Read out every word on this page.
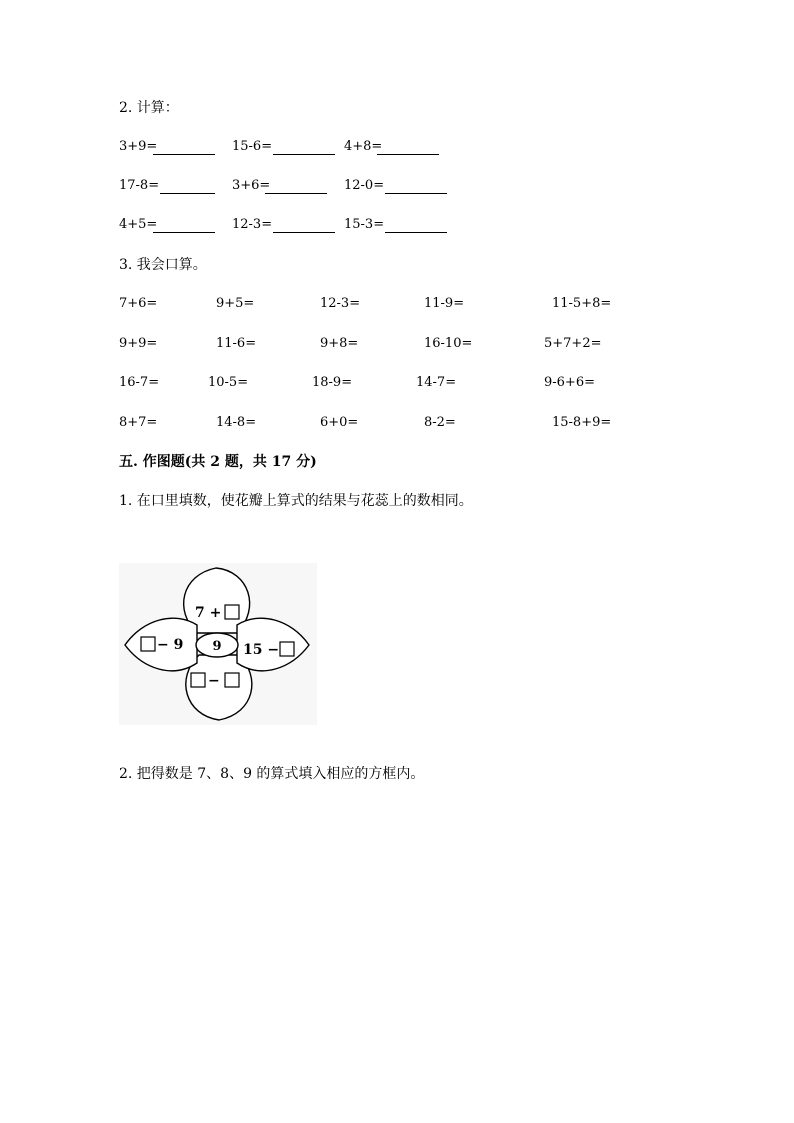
2. 计算：
3+9=	15-6=	4+8=
17-8=	3+6=	12-0=
4+5=	12-3=	15-3=
3. 我会口算。
7+6=	9+5=	12-3=	11-9=	11-5+8=
9+9=	11-6=	9+8=	16-10=	5+7+2=
16-7=	10-5=	18-9=	14-7=	9-6+6=
8+7=	14-8=	6+0=	8-2=	15-8+9=
五. 作图题(共 2 题，共 17 分)
1. 在口里填数，使花瓣上算式的结果与花蕊上的数相同。
9
7 +
− 9	15 −
−
2. 把得数是 7、8、9 的算式填入相应的方框内。
